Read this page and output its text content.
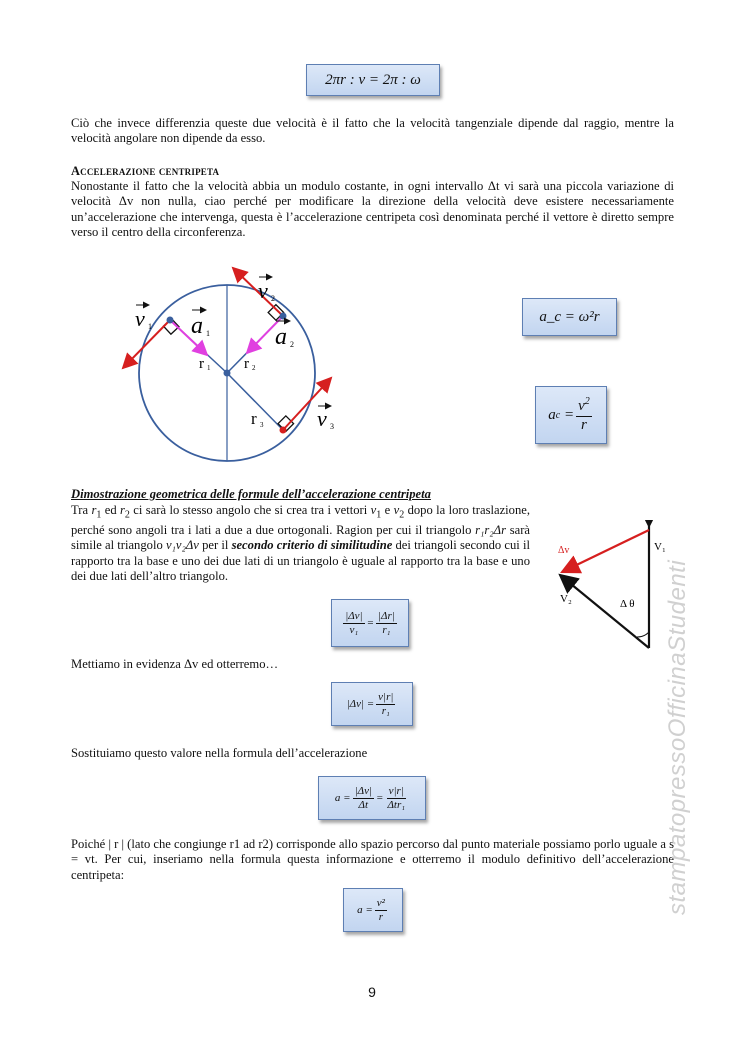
2πr : v = 2π : ω
Ciò che invece differenzia queste due velocità è il fatto che la velocità tangenziale dipende dal raggio, mentre la velocità angolare non dipende da esso.
Accelerazione centripeta
Nonostante il fatto che la velocità abbia un modulo costante, in ogni intervallo Δt vi sarà una piccola variazione di velocità Δv non nulla, ciao perché per modificare la direzione della velocità deve esistere necessariamente un’accelerazione che intervenga, questa è l’accelerazione centripeta così denominata perché il vettore è diretto sempre verso il centro della circonferenza.
v 1 a 1
v 2
a 2
r 1 r 2
r 3 v 3
a_c = ω²r
a $c = \frac{v^2}{r}$
Dimostrazione geometrica delle formule dell’accelerazione centripeta
Tra $r_1$ ed $r_2$ ci sarà lo stesso angolo che si crea tra i vettori $v_1$ e $v_2$ dopo la loro traslazione, perché sono angoli tra i lati a due a due ortogonali. Ragion per cui il triangolo r₁r₂Δr sarà simile al triangolo v₁v₂Δv per il secondo criterio di similitudine dei triangoli secondo cui il rapporto tra la base e uno dei due lati di un triangolo è uguale al rapporto tra la base e uno dei due lati dell’altro triangolo.
Δv	V₁
V₂	Δ θ
$\frac{|\Delta v|}{\text{v₁}} = \frac{|\Delta r|}{\text{r₁}}$
Mettiamo in evidenza Δv ed otterremo…
$|\Delta v| = \frac{v|r|}{\text{r₁}}$
Sostituiamo questo valore nella formula dell’accelerazione
$a = \frac{|\Delta v|}{\Delta t} = \frac{v|r|}{\text{Δtr₁}}$
Poiché | r | (lato che congiunge r1 ad r2) corrisponde allo spazio percorso dal punto materiale possiamo porlo uguale a s = vt. Per cui, inseriamo nella formula questa informazione e otterremo il modulo definitivo dell’accelerazione centripeta:
$a = \frac{\text{v²}}{r}$	stampatopressoOfficinaStudenti
9
